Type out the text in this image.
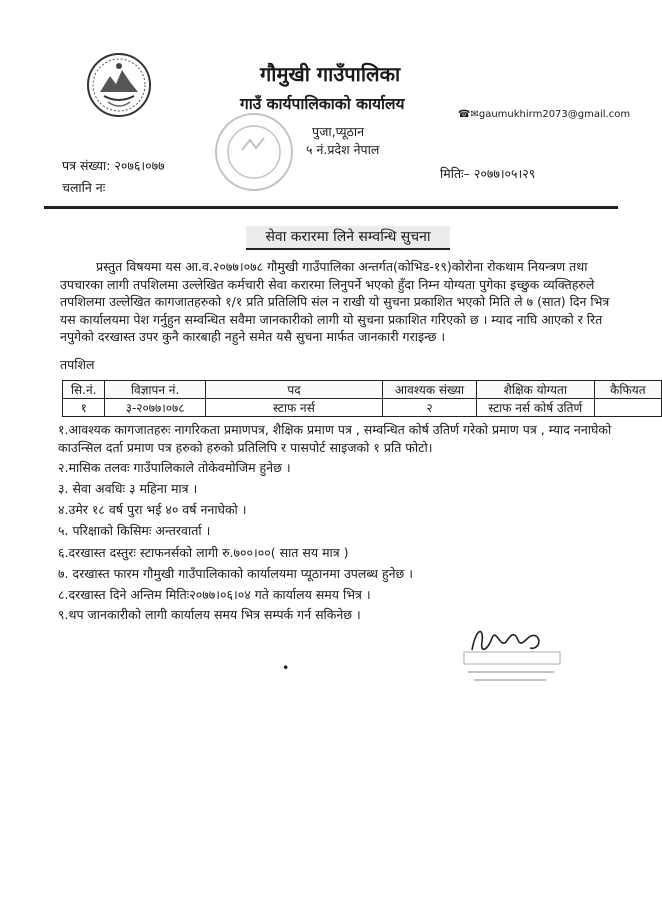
गौमुखी गाउँपालिका
गाउँ कार्यपालिकाको कार्यालय
☎✉gaumukhirm2073@gmail.com
पुजा,प्यूठान
५ नं.प्रदेश नेपाल
पत्र संख्या: २०७६।०७७
चलानि नः
मितिः– २०७७।०५।२९
सेवा करारमा लिने सम्वन्धि सुचना

प्रस्तुत विषयमा यस आ.व.२०७७।०७८ गौमुखी गाउँपालिका अन्तर्गत(कोभिड-१९)कोरोना रोकथाम नियन्त्रण तथा

उपचारका लागी तपशिलमा उल्लेखित कर्मचारी सेवा करारमा लिनुपर्ने भएको हुँदा निम्न योग्यता पुगेका इच्छुक व्यक्तिहरुले

तपशिलमा उल्लेखित कागजातहरुको १/१ प्रति प्रतिलिपि संल न राखी यो सुचना प्रकाशित भएको मिति ले ७ (सात) दिन भित्र

यस कार्यालयमा पेश गर्नुहुन सम्वन्धित सवैमा जानकारीको लागी यो सुचना प्रकाशित गरिएको छ । म्याद नाघि आएको र रित

नपुगेको दरखास्त उपर कुनै कारबाही नहुने समेत यसै सुचना मार्फत जानकारी गराइन्छ ।

तपशिल
सि.नं.	विज्ञापन नं.	पद	आवश्यक संख्या	शैक्षिक योग्यता	कैफियत
१	३-२०७७।०७८	स्टाफ नर्स	२	स्टाफ नर्स कोर्ष उतिर्ण	
१.आवश्यक कागजातहरुः नागरिकता प्रमाणपत्र, शैक्षिक प्रमाण पत्र , सम्वन्धित कोर्ष उतिर्ण गरेको प्रमाण पत्र , म्याद ननाघेको
काउन्सिल दर्ता प्रमाण पत्र हरुको हरुको प्रतिलिपि र पासपोर्ट साइजको १ प्रति फोटो।
२.मासिक तलवः गाउँपालिकाले तोकेवमोजिम हुनेछ ।
३. सेवा अवधिः ३ महिना मात्र ।
४.उमेर १८ वर्ष पुरा भई ४० वर्ष ननाघेको ।
५. परिक्षाको किसिमः अन्तरवार्ता ।
६.दरखास्त दस्तुरः स्टाफनर्सको लागी रु.७००।००( सात सय मात्र )
७. दरखास्त फारम गौमुखी गाउँपालिकाको कार्यालयमा प्यूठानमा उपलब्ध हुनेछ ।
८.दरखास्त दिने अन्तिम मितिः२०७७।०६।०४ गते कार्यालय समय भित्र ।
९.थप जानकारीको लागी कार्यालय समय भित्र सम्पर्क गर्न सकिनेछ ।
•
